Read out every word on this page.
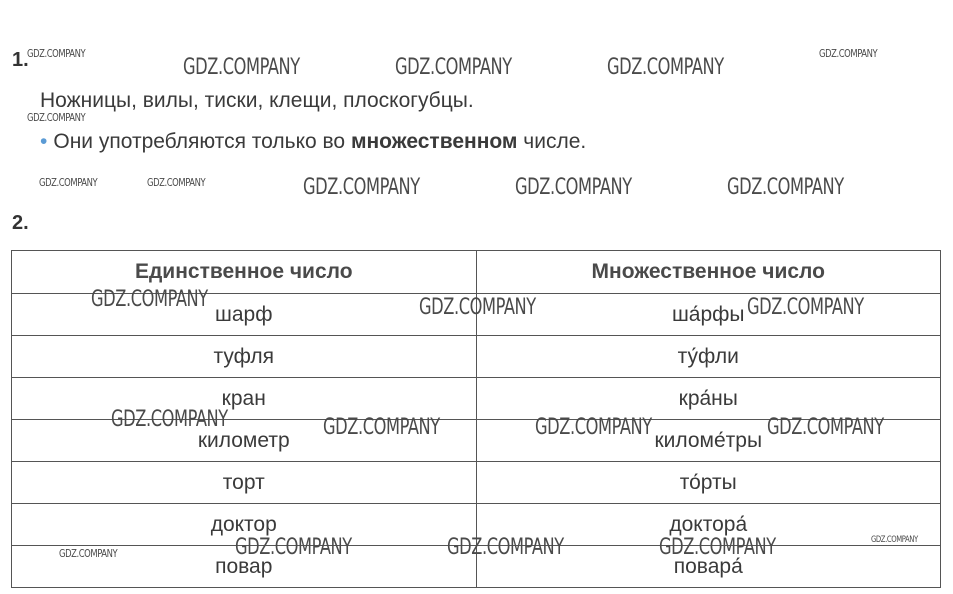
1.
Ножницы, вилы, тиски, клещи, плоскогубцы.
• Они употребляются только во множественном числе.
2.
Единственное число	Множественное число
шарф	ша́рфы
туфля	ту́фли
кран	кра́ны
километр	киломе́тры
торт	то́рты
доктор	доктора́
повар	повара́
GDZ.COMPANY
GDZ.COMPANY	GDZ.COMPANY	GDZ.COMPANY
GDZ.COMPANY
GDZ.COMPANY
GDZ.COMPANY	GDZ.COMPANY	GDZ.COMPANY	GDZ.COMPANY	GDZ.COMPANY
GDZ.COMPANY	GDZ.COMPANY	GDZ.COMPANY
GDZ.COMPANY	GDZ.COMPANY	GDZ.COMPANY	GDZ.COMPANY
GDZ.COMPANY	GDZ.COMPANY	GDZ.COMPANY	GDZ.COMPANY	GDZ.COMPANY
